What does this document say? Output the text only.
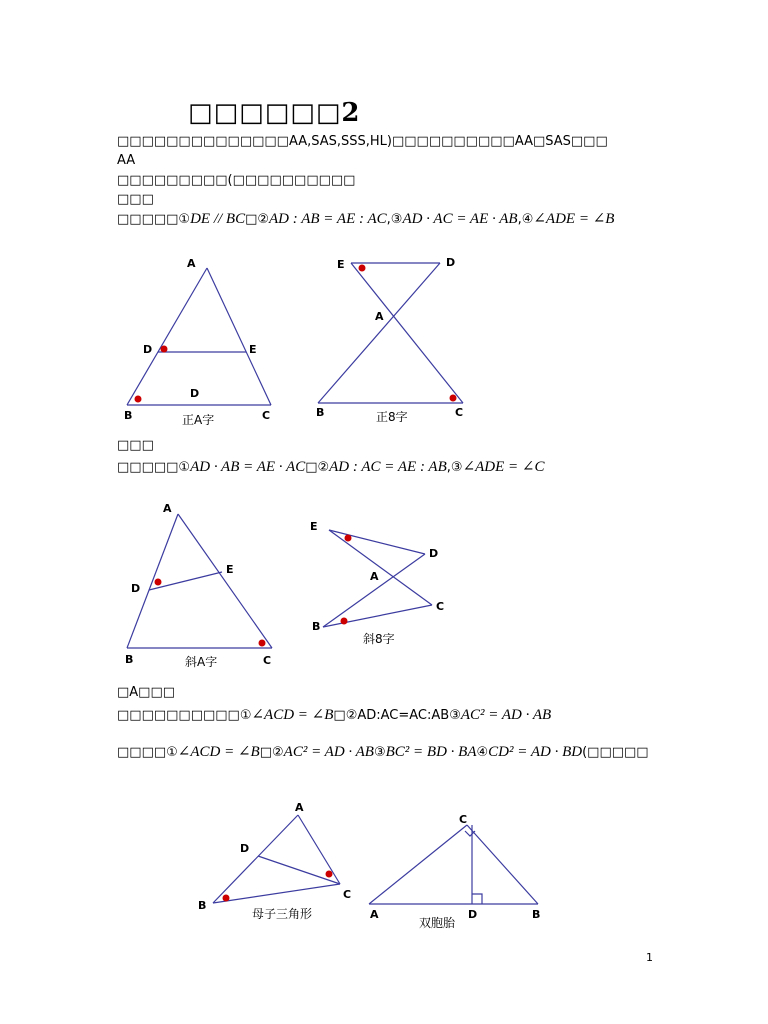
□□□□□□2
□□□□□□□□□□□□□□AA,SAS,SSS,HL)□□□□□□□□□□AA□SAS□□□
AA
□□□□□□□□□(□□□□□□□□□□
□□□
□□□□□①DE // BC□②AD : AB = AE : AC,③AD · AC = AE · AB,④∠ADE = ∠B
A
D	E
D
B	C
正A字
E	D
A
B	C
正8字
A
D
E
B	C
斜A字
E
D
A
C
B
斜8字
A
D
C
B
母子三角形
C
A	D	B
双胞胎
□□□
□□□□□①AD · AB = AE · AC□②AD : AC = AE : AB,③∠ADE = ∠C
□A□□□
□□□□□□□□□□①∠ACD = ∠B□②AD:AC=AC:AB③AC² = AD · AB
□□□□①∠ACD = ∠B□②AC² = AD · AB③BC² = BD · BA④CD² = AD · BD(□□□□□
1
